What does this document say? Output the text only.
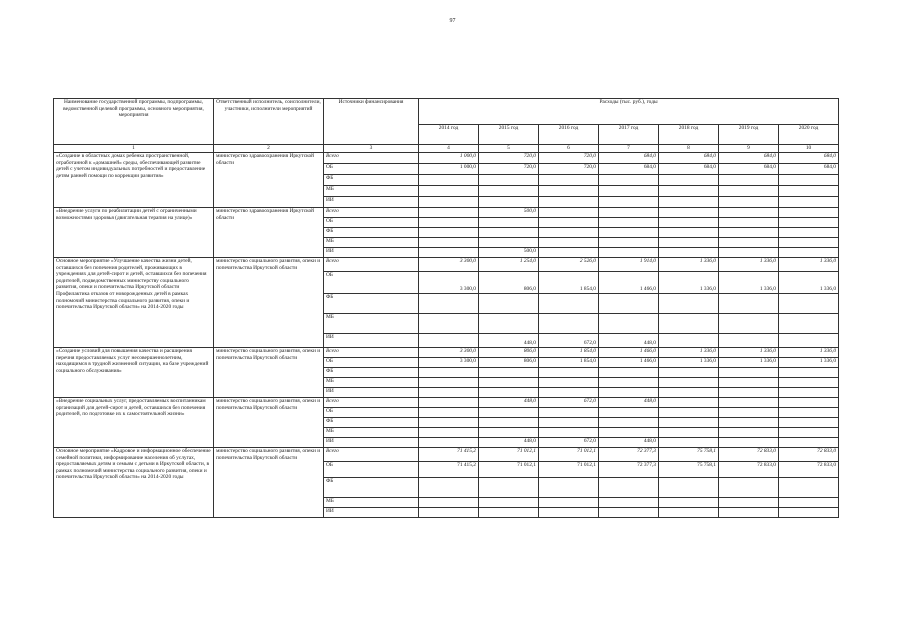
97
Наименование государственной программы, подпрограммы, ведомственной целевой программы, основного мероприятия, мероприятия	Ответственный исполнитель, соисполнители, участники, исполнители мероприятий	Источники финансирования	Расходы (тыс. руб.), годы						
			2014 год	2015 год	2016 год	2017 год	2018 год	2019 год	2020 год
1	2	3	4	5	6	7	8	9	10
«Создание в областных домах ребенка пространственной, отработанной к «домашней» среды, обеспечивающей развитие детей с учетом индивидуальных потребностей и предоставление детям ранней помощи по коррекции развития»	министерство здравоохранения Иркутской области	Всего	1 000,0	720,0	720,0	684,0	684,0	684,0	684,0
		ОБ	1 000,0	720,0	720,0	684,0	684,0	684,0	684,0
		ФБ							
		МБ							
		ИИ							
«Внедрение услуги по реабилитации детей с ограниченными возможностями здоровья (двигательная терапия на улице)»	министерство здравоохранения Иркутской области	Всего		500,0					
		ОБ							
		ФБ							
		МБ							
		ИИ		500,0					
Основное мероприятие «Улучшение качества жизни детей, оставшихся без попечения родителей, проживающих в учреждениях для детей-сирот и детей, оставшихся без попечения родителей, подведомственных министерству социального развития, опеки и попечительства Иркутской области Профилактика отказов от новорожденных детей в рамках полномочий министерства социального развития, опеки и попечительства Иркутской области» на 2014-2020 годы	министерство социального развития, опеки и попечительства Иркутской области	Всего	3 300,0	1 254,0	2 526,0	1 914,0	1 336,0	1 336,0	1 336,0
		ОБ	3 300,0	806,0	1 854,0	1 466,0	1 336,0	1 336,0	1 336,0
		ФБ							
		МБ							
		ИИ		448,0	672,0	448,0			
«Создание условий для повышения качества и расширения перечня предоставляемых услуг несовершеннолетним, находящимся в трудной жизненной ситуации, на базе учреждений социального обслуживания»	министерство социального развития, опеки и попечительства Иркутской области	Всего	3 300,0	806,0	1 854,0	1 466,0	1 336,0	1 336,0	1 336,0
		ОБ	3 300,0	806,0	1 854,0	1 466,0	1 336,0	1 336,0	1 336,0
		ФБ							
		МБ							
		ИИ							
«Внедрение социальных услуг, предоставляемых воспитанникам организаций для детей-сирот и детей, оставшихся без попечения родителей, по подготовке их к самостоятельной жизни»	министерство социального развития, опеки и попечительства Иркутской области	Всего		448,0	672,0	448,0			
		ОБ							
		ФБ							
		МБ							
		ИИ		448,0	672,0	448,0			
Основное мероприятие «Кадровое и информационное обеспечение семейной политики, информирование населения об услугах, предоставляемых детям и семьям с детьми в Иркутской области, в рамках полномочий министерства социального развития, опеки и попечительства Иркутской области» на 2014-2020 годы	министерство социального развития, опеки и попечительства Иркутской области	Всего	71 415,2	71 012,1	71 012,1	72 377,3	75 758,1	72 833,0	72 833,0
		ОБ	71 415,2	71 012,1	71 012,1	72 377,3	75 758,1	72 833,0	72 833,0
		ФБ							
		МБ							
		ИИ							
